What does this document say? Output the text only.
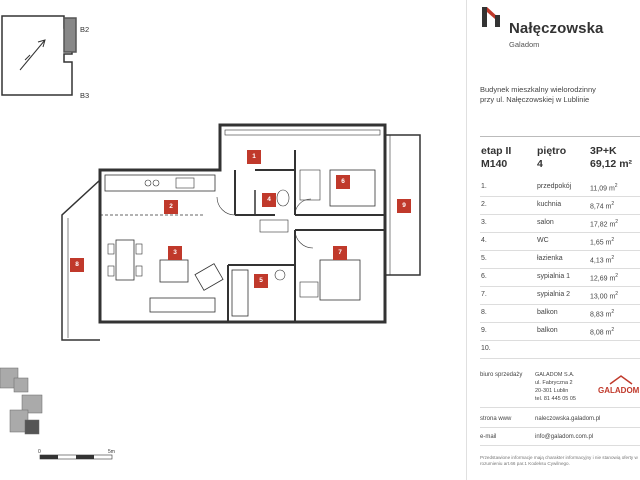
B2
B3
0	5m
1
2
3
4
5
6
7
8
9
Nałęczowska
Galadom
Budynek mieszkalny wielorodzinny
przy ul. Nałęczowskiej w Lublinie
etap II
M140
piętro
4
3P+K
69,12 m²
1.	przedpokój	11,09 $m^2$
2.	kuchnia	8,74 $m^2$
3.	salon	17,82 $m^2$
4.	WC	1,65 $m^2$
5.	łazienka	4,13 $m^2$
6.	sypialnia 1	12,69 $m^2$
7.	sypialnia 2	13,00 $m^2$
8.	balkon	8,83 $m^2$
9.	balkon	8,08 $m^2$
10.
biuro sprzedaży GALADOM S.A.
ul. Fabryczna 2
20-301 Lublin
tel. 81 445 05 05
GALADOM
strona www	naleczowska.galadom.pl
e-mail	info@galadom.com.pl
Przedstawione informacje mają charakter informacyjny i nie stanowią oferty w rozumieniu art.66 par.1 Kodeksu Cywilnego.
